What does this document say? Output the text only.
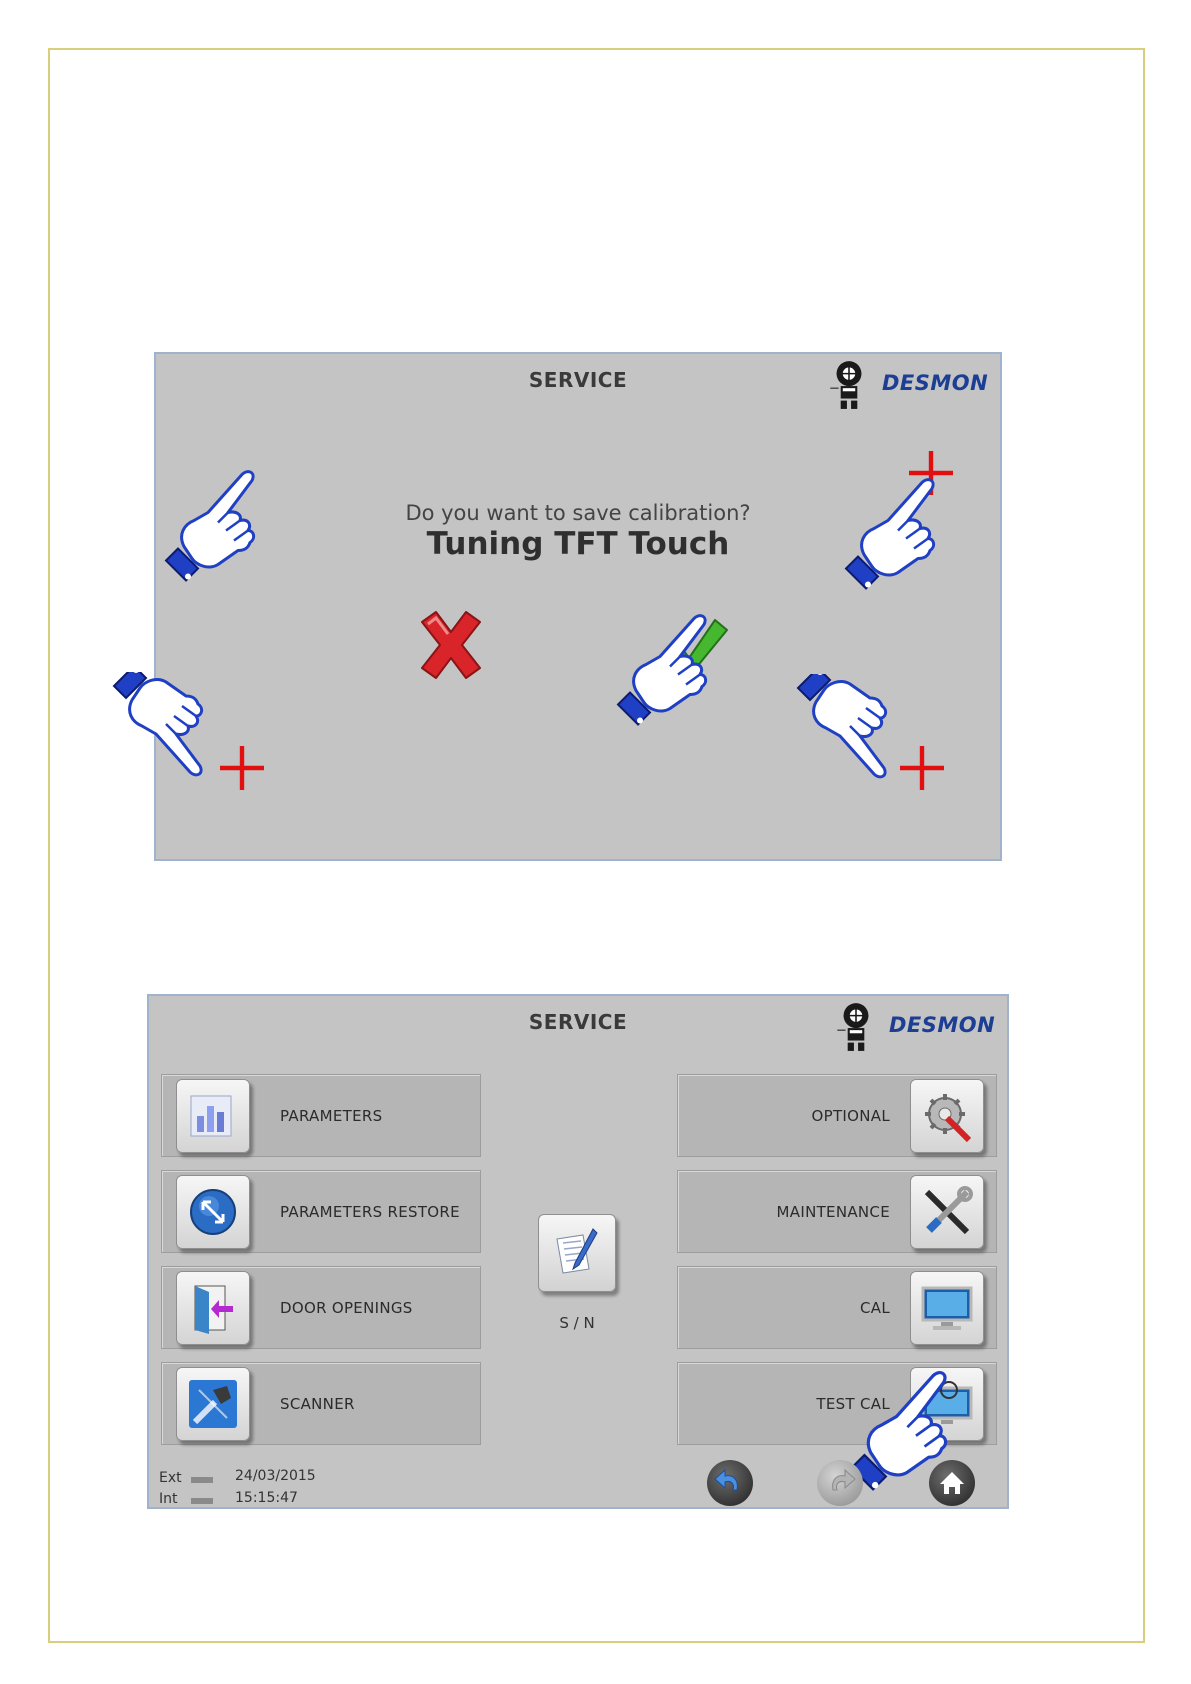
SERVICE	DESMON
Do you want to save calibration?
Tuning TFT Touch
SERVICE	DESMON
PARAMETERS
PARAMETERS RESTORE
DOOR OPENINGS
SCANNER
S / N
OPTIONAL
MAINTENANCE
CAL
TEST CAL
Ext
Int
24/03/2015
15:15:47
